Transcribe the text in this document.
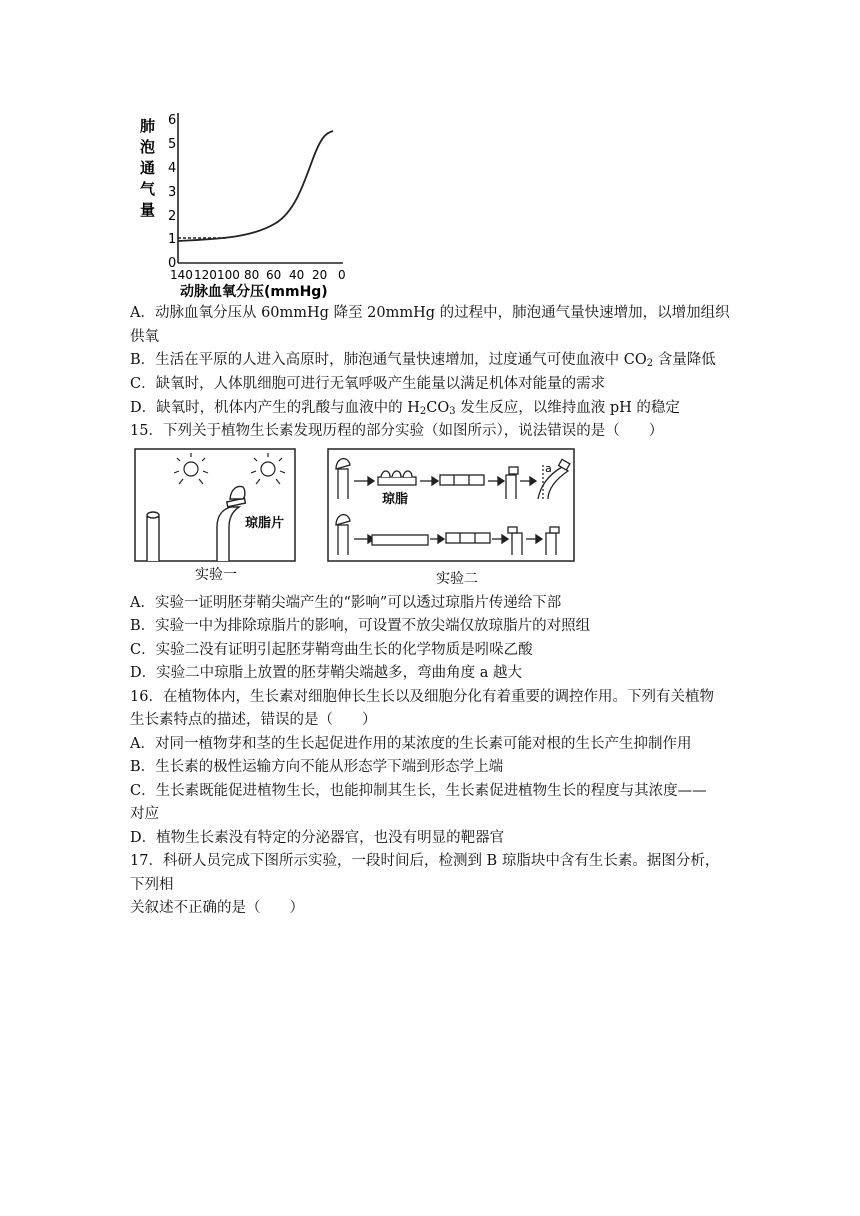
肺
泡
通
气
量
6
5
4
3
2
1
0
140 120 100 80 60 40 20 0
动脉血氧分压(mmHg)
A．动脉血氧分压从 60mmHg 降至 20mmHg 的过程中，肺泡通气量快速增加，以增加组织
供氧
B．生活在平原的人进入高原时，肺泡通气量快速增加，过度通气可使血液中 $CO_2$ 含量降低
C．缺氧时，人体肌细胞可进行无氧呼吸产生能量以满足机体对能量的需求
D．缺氧时，机体内产生的乳酸与血液中的 $H_2CO_3$ 发生反应，以维持血液 pH 的稳定
15．下列关于植物生长素发现历程的部分实验（如图所示），说法错误的是（　　）
琼脂片
实验一
a
琼脂
实验二
A．实验一证明胚芽鞘尖端产生的“影响”可以透过琼脂片传递给下部
B．实验一中为排除琼脂片的影响，可设置不放尖端仅放琼脂片的对照组
C．实验二没有证明引起胚芽鞘弯曲生长的化学物质是吲哚乙酸
D．实验二中琼脂上放置的胚芽鞘尖端越多，弯曲角度 a 越大
16．在植物体内，生长素对细胞伸长生长以及细胞分化有着重要的调控作用。下列有关植物
生长素特点的描述，错误的是（　　）
A．对同一植物芽和茎的生长起促进作用的某浓度的生长素可能对根的生长产生抑制作用
B．生长素的极性运输方向不能从形态学下端到形态学上端
C．生长素既能促进植物生长，也能抑制其生长，生长素促进植物生长的程度与其浓度——
对应
D．植物生长素没有特定的分泌器官，也没有明显的靶器官
17．科研人员完成下图所示实验，一段时间后，检测到 B 琼脂块中含有生长素。据图分析，
下列相
关叙述不正确的是（　　）
